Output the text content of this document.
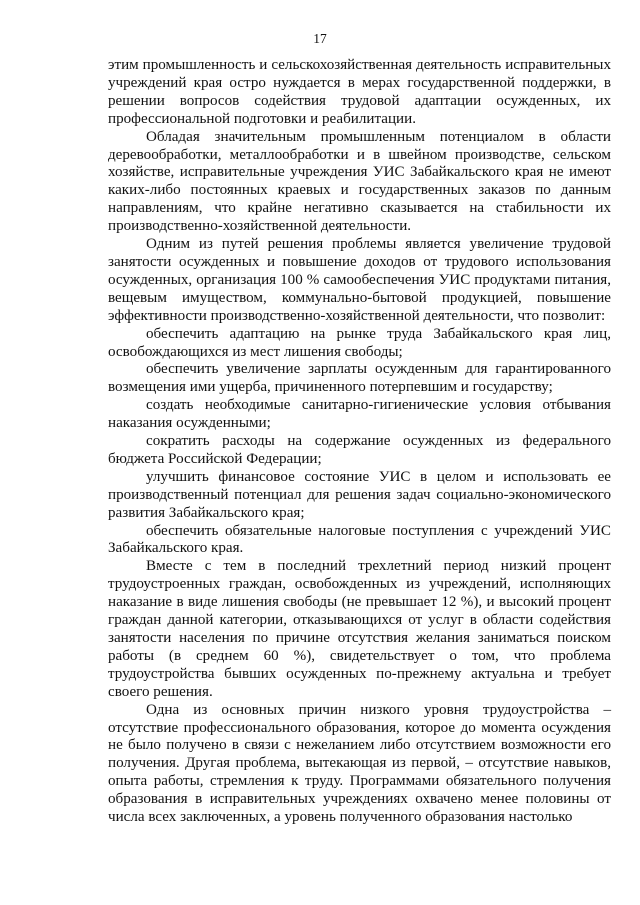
17

этим промышленность и сельскохозяйственная деятельность исправительных учреждений края остро нуждается в мерах государственной поддержки, в решении вопросов содействия трудовой адаптации осужденных, их профессиональной подготовки и реабилитации.

Обладая значительным промышленным потенциалом в области деревообработки, металлообработки и в швейном производстве, сельском хозяйстве, исправительные учреждения УИС Забайкальского края не имеют каких-либо постоянных краевых и государственных заказов по данным направлениям, что крайне негативно сказывается на стабильности их производственно-хозяйственной деятельности.

Одним из путей решения проблемы является увеличение трудовой занятости осужденных и повышение доходов от трудового использования осужденных, организация 100 % самообеспечения УИС продуктами питания, вещевым имуществом, коммунально-бытовой продукцией, повышение эффективности производственно-хозяйственной деятельности, что позволит:

обеспечить адаптацию на рынке труда Забайкальского края лиц, освобождающихся из мест лишения свободы;

обеспечить увеличение зарплаты осужденным для гарантированного возмещения ими ущерба, причиненного потерпевшим и государству;

создать необходимые санитарно-гигиенические условия отбывания наказания осужденными;

сократить расходы на содержание осужденных из федерального бюджета Российской Федерации;

улучшить финансовое состояние УИС в целом и использовать ее производственный потенциал для решения задач социально-экономического развития Забайкальского края;

обеспечить обязательные налоговые поступления с учреждений УИС Забайкальского края.

Вместе с тем в последний трехлетний период низкий процент трудоустроенных граждан, освобожденных из учреждений, исполняющих наказание в виде лишения свободы (не превышает 12 %), и высокий процент граждан данной категории, отказывающихся от услуг в области содействия занятости населения по причине отсутствия желания заниматься поиском работы (в среднем 60 %), свидетельствует о том, что проблема трудоустройства бывших осужденных по-прежнему актуальна и требует своего решения.

Одна из основных причин низкого уровня трудоустройства – отсутствие профессионального образования, которое до момента осуждения не было получено в связи с нежеланием либо отсутствием возможности его получения. Другая проблема, вытекающая из первой, – отсутствие навыков, опыта работы, стремления к труду. Программами обязательного получения образования в исправительных учреждениях охвачено менее половины от числа всех заключенных, а уровень полученного образования настолько
